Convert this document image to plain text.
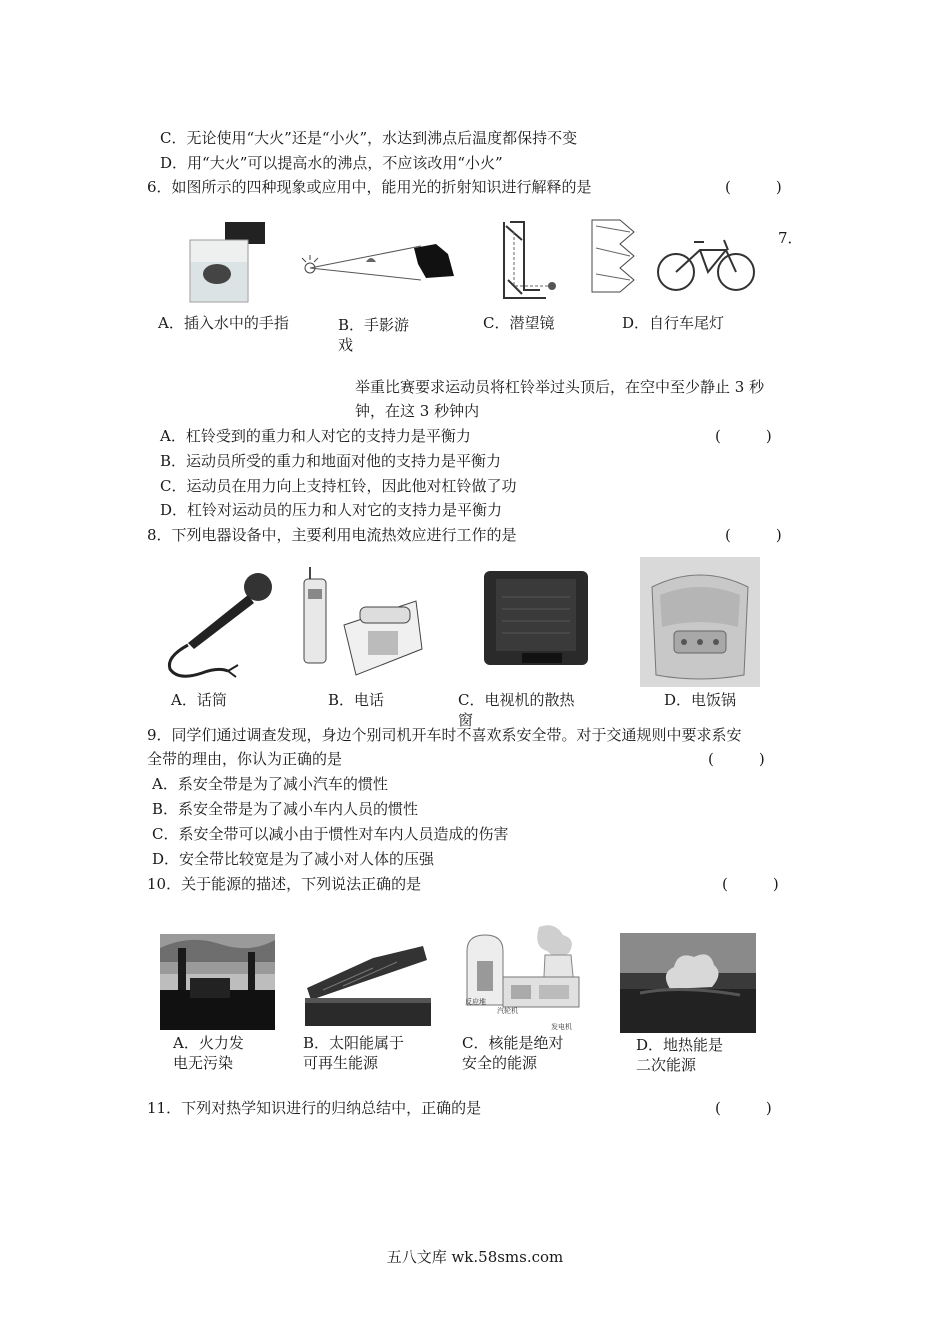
C．无论使用“大火”还是“小火”，水达到沸点后温度都保持不变
D．用“大火”可以提高水的沸点，不应该改用“小火”
6．如图所示的四种现象或应用中，能用光的折射知识进行解释的是	(　　　)
7．
A．插入水中的手指	B．手影游
戏
C．潜望镜	D．自行车尾灯
举重比赛要求运动员将杠铃举过头顶后，在空中至少静止 3 秒
钟，在这 3 秒钟内
A．杠铃受到的重力和人对它的支持力是平衡力	(　　　)
B．运动员所受的重力和地面对他的支持力是平衡力
C．运动员在用力向上支持杠铃，因此他对杠铃做了功
D．杠铃对运动员的压力和人对它的支持力是平衡力
8．下列电器设备中，主要利用电流热效应进行工作的是	(　　　)
A．话筒	B．电话	C．电视机的散热
窗
D．电饭锅
9．同学们通过调查发现，身边个别司机开车时不喜欢系安全带。对于交通规则中要求系安
全带的理由，你认为正确的是	(　　　)
A．系安全带是为了减小汽车的惯性
B．系安全带是为了减小车内人员的惯性
C．系安全带可以减小由于惯性对车内人员造成的伤害
D．安全带比较宽是为了减小对人体的压强
10．关于能源的描述，下列说法正确的是	(　　　)
反应堆
汽轮机
发电机
A．火力发
电无污染
B．太阳能属于
可再生能源
C．核能是绝对
安全的能源
D．地热能是
二次能源
11．下列对热学知识进行的归纳总结中，正确的是	(　　　)
五八文库 wk.58sms.com
